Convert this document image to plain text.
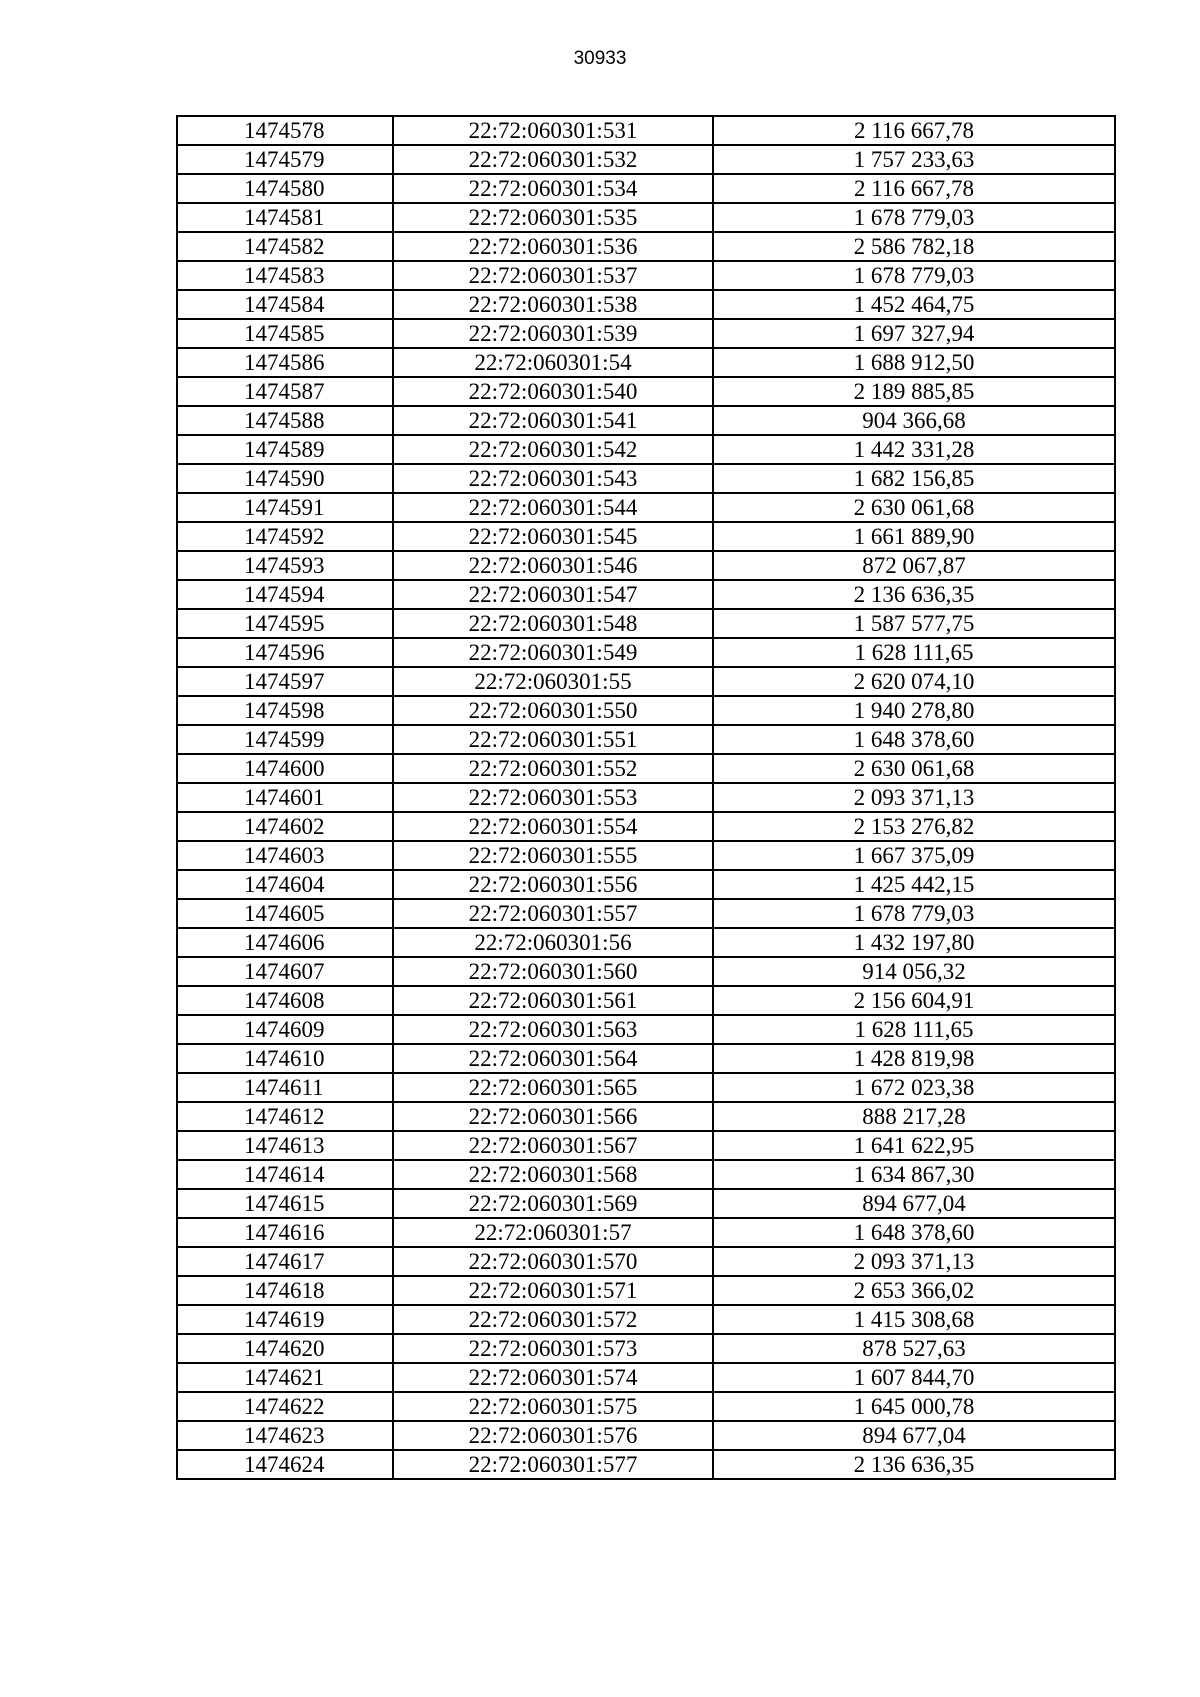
30933
1474578	22:72:060301:531	2 116 667,78
1474579	22:72:060301:532	1 757 233,63
1474580	22:72:060301:534	2 116 667,78
1474581	22:72:060301:535	1 678 779,03
1474582	22:72:060301:536	2 586 782,18
1474583	22:72:060301:537	1 678 779,03
1474584	22:72:060301:538	1 452 464,75
1474585	22:72:060301:539	1 697 327,94
1474586	22:72:060301:54	1 688 912,50
1474587	22:72:060301:540	2 189 885,85
1474588	22:72:060301:541	904 366,68
1474589	22:72:060301:542	1 442 331,28
1474590	22:72:060301:543	1 682 156,85
1474591	22:72:060301:544	2 630 061,68
1474592	22:72:060301:545	1 661 889,90
1474593	22:72:060301:546	872 067,87
1474594	22:72:060301:547	2 136 636,35
1474595	22:72:060301:548	1 587 577,75
1474596	22:72:060301:549	1 628 111,65
1474597	22:72:060301:55	2 620 074,10
1474598	22:72:060301:550	1 940 278,80
1474599	22:72:060301:551	1 648 378,60
1474600	22:72:060301:552	2 630 061,68
1474601	22:72:060301:553	2 093 371,13
1474602	22:72:060301:554	2 153 276,82
1474603	22:72:060301:555	1 667 375,09
1474604	22:72:060301:556	1 425 442,15
1474605	22:72:060301:557	1 678 779,03
1474606	22:72:060301:56	1 432 197,80
1474607	22:72:060301:560	914 056,32
1474608	22:72:060301:561	2 156 604,91
1474609	22:72:060301:563	1 628 111,65
1474610	22:72:060301:564	1 428 819,98
1474611	22:72:060301:565	1 672 023,38
1474612	22:72:060301:566	888 217,28
1474613	22:72:060301:567	1 641 622,95
1474614	22:72:060301:568	1 634 867,30
1474615	22:72:060301:569	894 677,04
1474616	22:72:060301:57	1 648 378,60
1474617	22:72:060301:570	2 093 371,13
1474618	22:72:060301:571	2 653 366,02
1474619	22:72:060301:572	1 415 308,68
1474620	22:72:060301:573	878 527,63
1474621	22:72:060301:574	1 607 844,70
1474622	22:72:060301:575	1 645 000,78
1474623	22:72:060301:576	894 677,04
1474624	22:72:060301:577	2 136 636,35
